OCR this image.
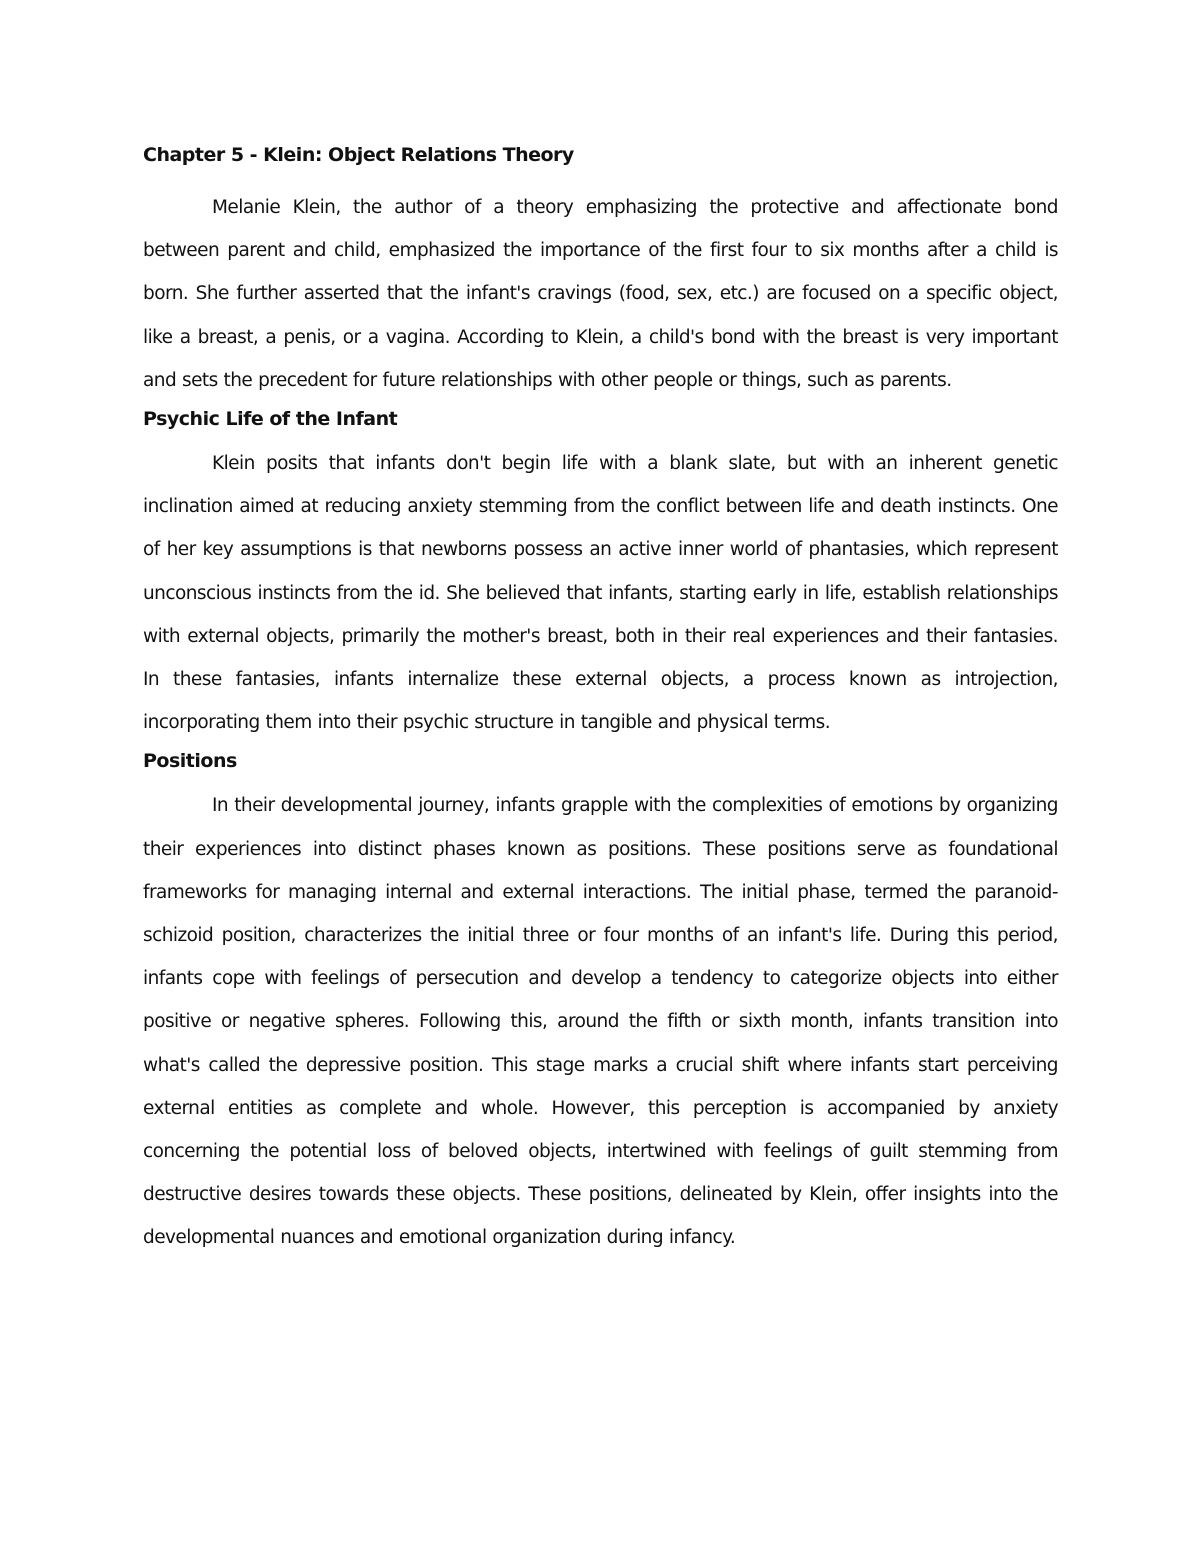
Chapter 5 - Klein: Object Relations Theory

Melanie Klein, the author of a theory emphasizing the protective and affectionate bond between parent and child, emphasized the importance of the first four to six months after a child is born. She further asserted that the infant's cravings (food, sex, etc.) are focused on a specific object, like a breast, a penis, or a vagina. According to Klein, a child's bond with the breast is very important and sets the precedent for future relationships with other people or things, such as parents.

Psychic Life of the Infant

Klein posits that infants don't begin life with a blank slate, but with an inherent genetic inclination aimed at reducing anxiety stemming from the conflict between life and death instincts. One of her key assumptions is that newborns possess an active inner world of phantasies, which represent unconscious instincts from the id. She believed that infants, starting early in life, establish relationships with external objects, primarily the mother's breast, both in their real experiences and their fantasies. In these fantasies, infants internalize these external objects, a process known as introjection, incorporating them into their psychic structure in tangible and physical terms.

Positions

In their developmental journey, infants grapple with the complexities of emotions by organizing their experiences into distinct phases known as positions. These positions serve as foundational frameworks for managing internal and external interactions. The initial phase, termed the paranoid-schizoid position, characterizes the initial three or four months of an infant's life. During this period, infants cope with feelings of persecution and develop a tendency to categorize objects into either positive or negative spheres. Following this, around the fifth or sixth month, infants transition into what's called the depressive position. This stage marks a crucial shift where infants start perceiving external entities as complete and whole. However, this perception is accompanied by anxiety concerning the potential loss of beloved objects, intertwined with feelings of guilt stemming from destructive desires towards these objects. These positions, delineated by Klein, offer insights into the developmental nuances and emotional organization during infancy.
